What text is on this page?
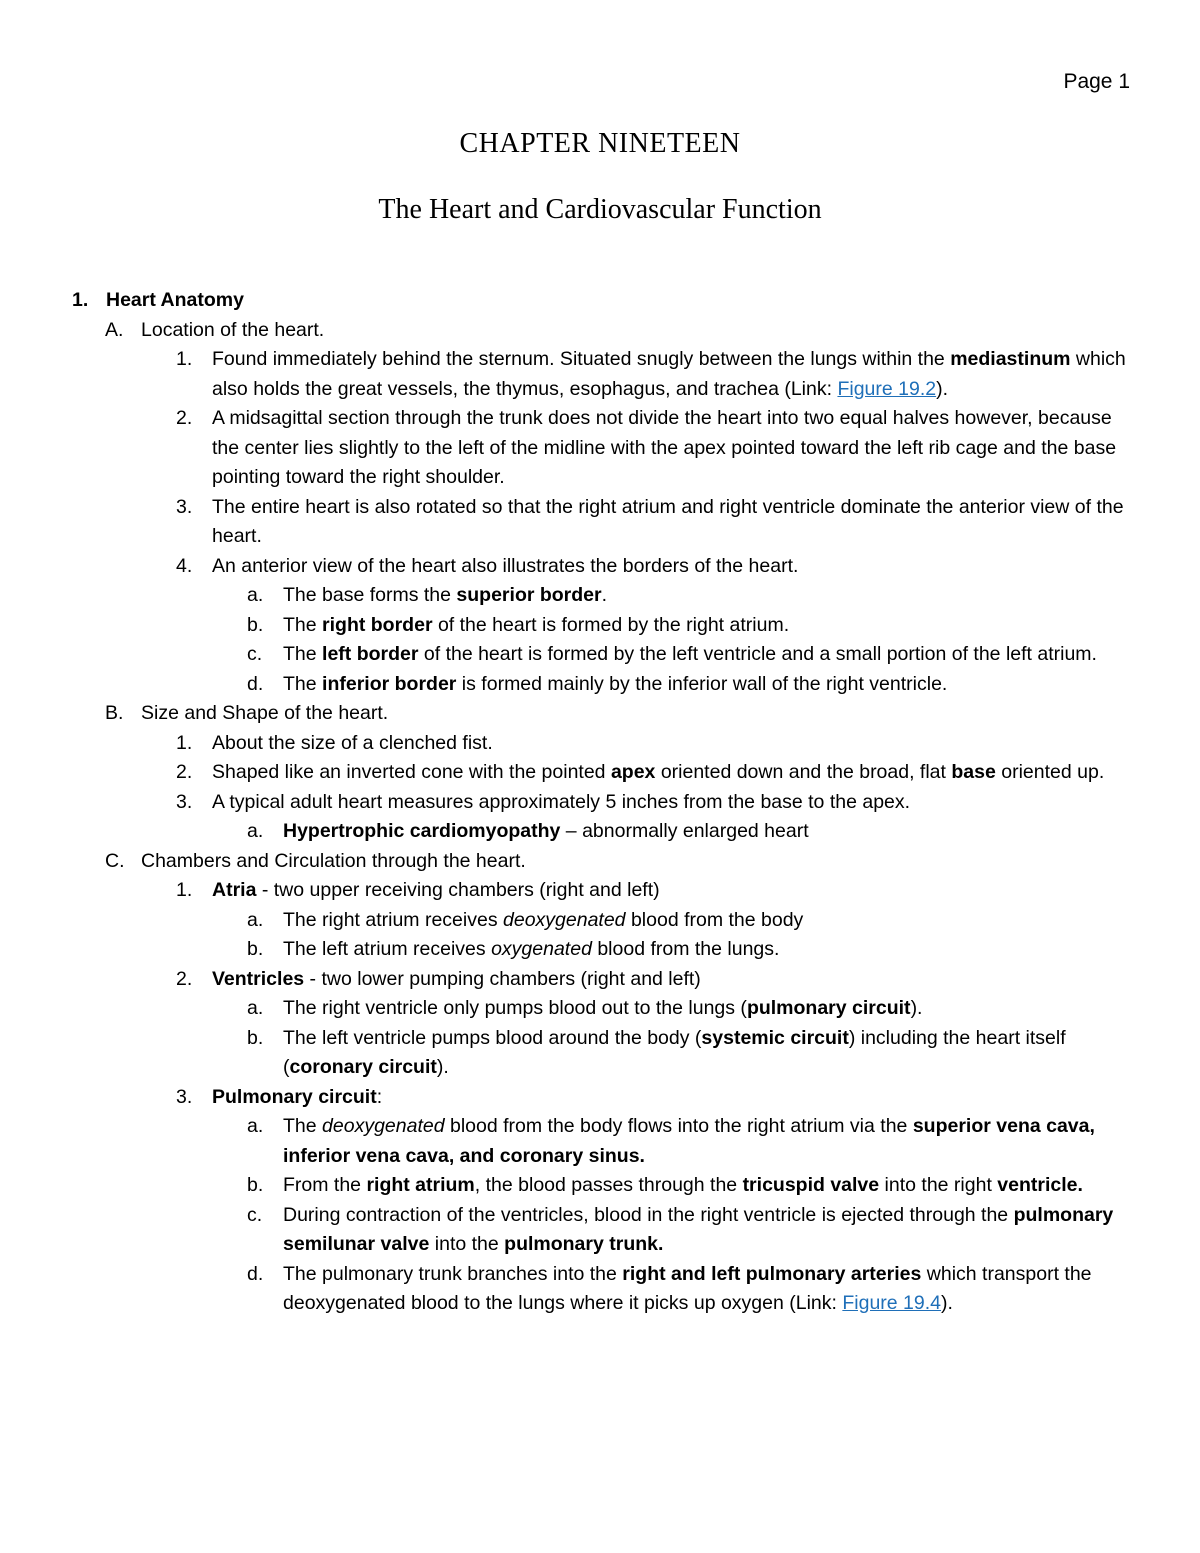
Page 1
CHAPTER NINETEEN
The Heart and Cardiovascular Function
1. Heart Anatomy
A. Location of the heart.
1. Found immediately behind the sternum. Situated snugly between the lungs within the mediastinum which also holds the great vessels, the thymus, esophagus, and trachea (Link: Figure 19.2).
2. A midsagittal section through the trunk does not divide the heart into two equal halves however, because the center lies slightly to the left of the midline with the apex pointed toward the left rib cage and the base pointing toward the right shoulder.
3. The entire heart is also rotated so that the right atrium and right ventricle dominate the anterior view of the heart.
4. An anterior view of the heart also illustrates the borders of the heart.
a. The base forms the superior border.
b. The right border of the heart is formed by the right atrium.
c. The left border of the heart is formed by the left ventricle and a small portion of the left atrium.
d. The inferior border is formed mainly by the inferior wall of the right ventricle.
B. Size and Shape of the heart.
1. About the size of a clenched fist.
2. Shaped like an inverted cone with the pointed apex oriented down and the broad, flat base oriented up.
3. A typical adult heart measures approximately 5 inches from the base to the apex.
a. Hypertrophic cardiomyopathy – abnormally enlarged heart
C. Chambers and Circulation through the heart.
1. Atria - two upper receiving chambers (right and left)
a. The right atrium receives deoxygenated blood from the body
b. The left atrium receives oxygenated blood from the lungs.
2. Ventricles - two lower pumping chambers (right and left)
a. The right ventricle only pumps blood out to the lungs (pulmonary circuit).
b. The left ventricle pumps blood around the body (systemic circuit) including the heart itself (coronary circuit).
3. Pulmonary circuit:
a. The deoxygenated blood from the body flows into the right atrium via the superior vena cava, inferior vena cava, and coronary sinus.
b. From the right atrium, the blood passes through the tricuspid valve into the right ventricle.
c. During contraction of the ventricles, blood in the right ventricle is ejected through the pulmonary semilunar valve into the pulmonary trunk.
d. The pulmonary trunk branches into the right and left pulmonary arteries which transport the deoxygenated blood to the lungs where it picks up oxygen (Link: Figure 19.4).
